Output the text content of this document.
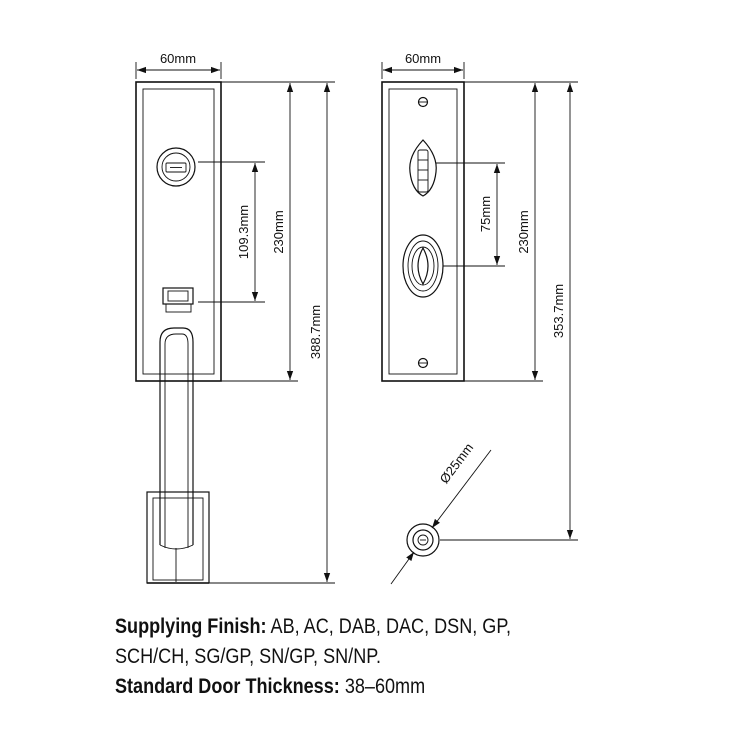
60mm
109.3mm 230mm
388.7mm
60mm
75mm 230mm
353.7mm
Ø25mm
Supplying Finish: AB, AC, DAB, DAC, DSN, GP,
SCH/CH, SG/GP, SN/GP, SN/NP.
Standard Door Thickness: 38–60mm
